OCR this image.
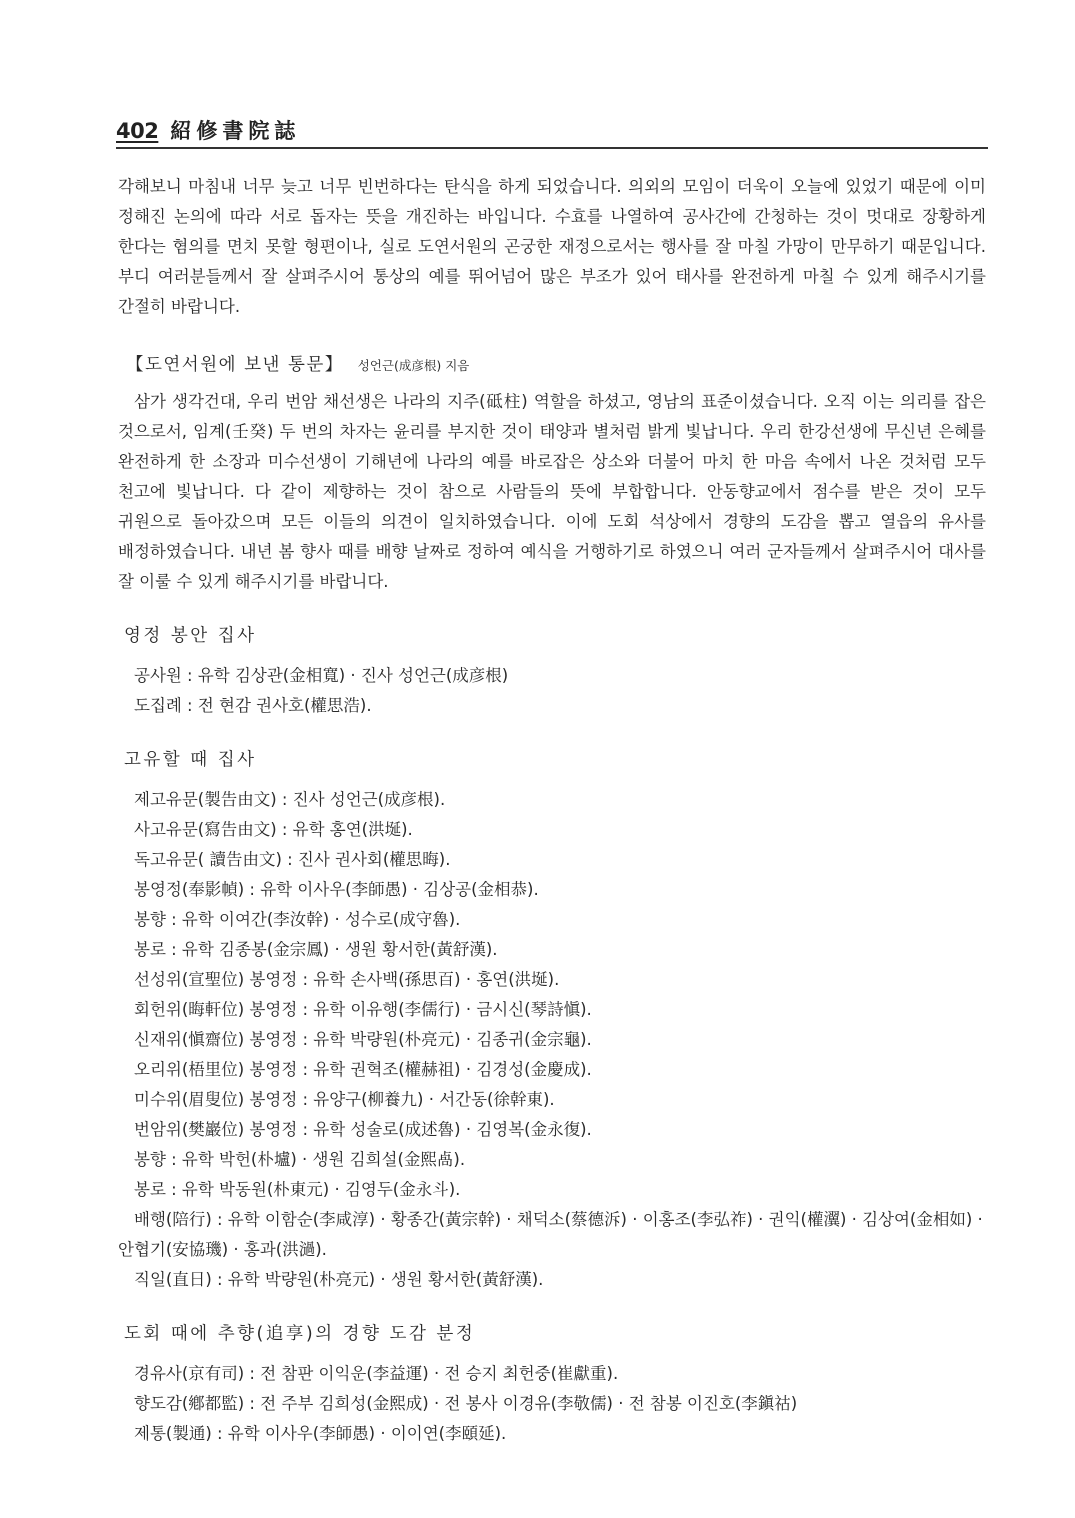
402 紹修書院誌

각해보니 마침내 너무 늦고 너무 빈번하다는 탄식을 하게 되었습니다. 의외의 모임이 더욱이 오늘에 있었기 때문에 이미 정해진 논의에 따라 서로 돕자는 뜻을 개진하는 바입니다. 수효를 나열하여 공사간에 간청하는 것이 멋대로 장황하게 한다는 혐의를 면치 못할 형편이나, 실로 도연서원의 곤궁한 재정으로서는 행사를 잘 마칠 가망이 만무하기 때문입니다. 부디 여러분들께서 잘 살펴주시어 통상의 예를 뛰어넘어 많은 부조가 있어 태사를 완전하게 마칠 수 있게 해주시기를 간절히 바랍니다.

【도연서원에 보낸 통문】 성언근(成彦根) 지음

삼가 생각건대, 우리 번암 채선생은 나라의 지주(砥柱) 역할을 하셨고, 영남의 표준이셨습니다. 오직 이는 의리를 잡은 것으로서, 임계(壬癸) 두 번의 차자는 윤리를 부지한 것이 태양과 별처럼 밝게 빛납니다. 우리 한강선생에 무신년 은혜를 완전하게 한 소장과 미수선생이 기해년에 나라의 예를 바로잡은 상소와 더불어 마치 한 마음 속에서 나온 것처럼 모두 천고에 빛납니다. 다 같이 제향하는 것이 참으로 사람들의 뜻에 부합합니다. 안동향교에서 점수를 받은 것이 모두 귀원으로 돌아갔으며 모든 이들의 의견이 일치하였습니다. 이에 도회 석상에서 경향의 도감을 뽑고 열읍의 유사를 배정하였습니다. 내년 봄 향사 때를 배향 날짜로 정하여 예식을 거행하기로 하였으니 여러 군자들께서 살펴주시어 대사를 잘 이룰 수 있게 해주시기를 바랍니다.

영정 봉안 집사

공사원 : 유학 김상관(金相寬) · 진사 성언근(成彦根)

도집례 : 전 현감 권사호(權思浩).

고유할 때 집사

제고유문(製告由文) : 진사 성언근(成彦根).

사고유문(寫告由文) : 유학 홍연(洪埏).

독고유문( 讀告由文) : 진사 권사회(權思晦).

봉영정(奉影幀) : 유학 이사우(李師愚) · 김상공(金相恭).

봉향 : 유학 이여간(李汝幹) · 성수로(成守魯).

봉로 : 유학 김종봉(金宗鳳) · 생원 황서한(黃舒漢).

선성위(宣聖位) 봉영정 : 유학 손사백(孫思百) · 홍연(洪埏).

회헌위(晦軒位) 봉영정 : 유학 이유행(李儒行) · 금시신(琴詩愼).

신재위(愼齋位) 봉영정 : 유학 박량원(朴亮元) · 김종귀(金宗龜).

오리위(梧里位) 봉영정 : 유학 권혁조(權赫祖) · 김경성(金慶成).

미수위(眉叟位) 봉영정 : 유양구(柳養九) · 서간동(徐幹東).

번암위(樊巖位) 봉영정 : 유학 성술로(成述魯) · 김영복(金永復).

봉향 : 유학 박헌(朴壚) · 생원 김희설(金熙卨).

봉로 : 유학 박동원(朴東元) · 김영두(金永斗).

배행(陪行) : 유학 이함순(李咸淳) · 황종간(黃宗幹) · 채덕소(蔡德泝) · 이홍조(李弘祚) · 권익(權瀷) · 김상여(金相如) · 안협기(安協璣) · 홍과(洪濄).

직일(直日) : 유학 박량원(朴亮元) · 생원 황서한(黃舒漢).

도회 때에 추향(追享)의 경향 도감 분정

경유사(京有司) : 전 참판 이익운(李益運) · 전 승지 최헌중(崔獻重).

향도감(鄕都監) : 전 주부 김희성(金熙成) · 전 봉사 이경유(李敬儒) · 전 참봉 이진호(李鎭祜)

제통(製通) : 유학 이사우(李師愚) · 이이연(李頤延).
